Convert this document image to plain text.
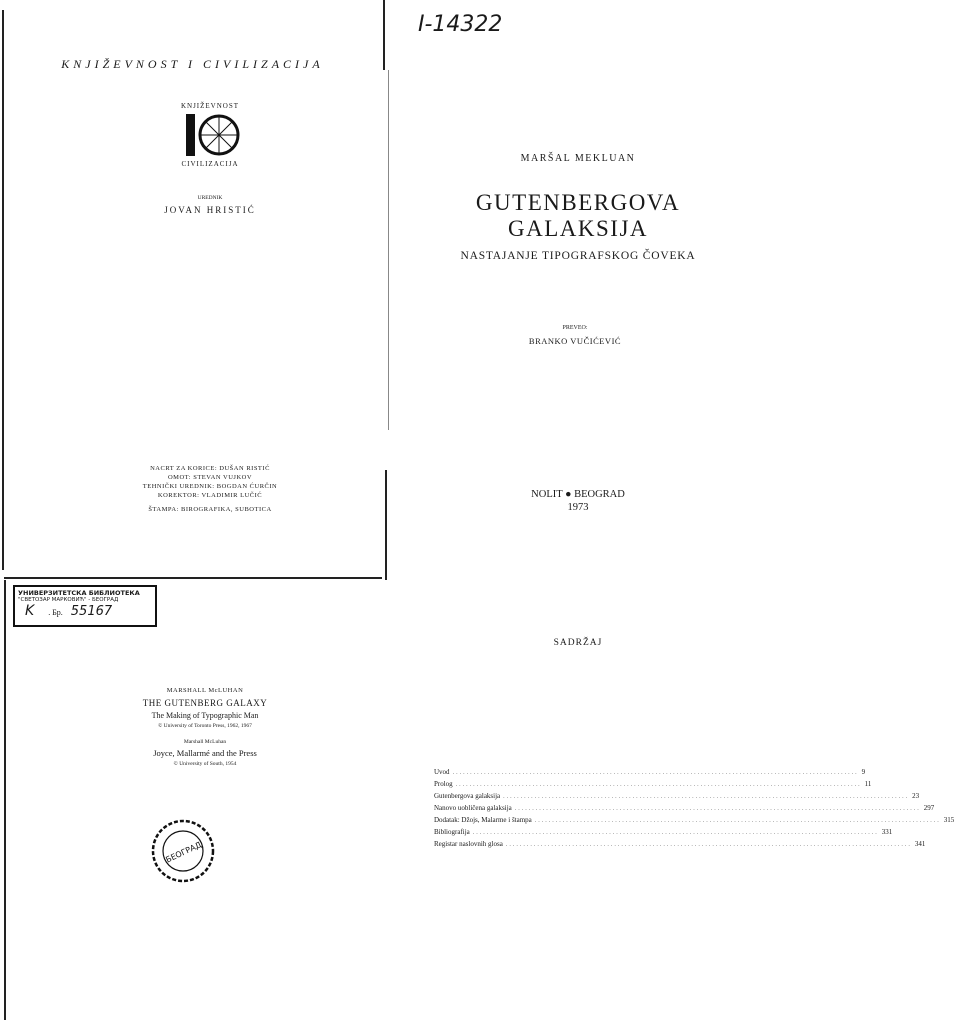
KNJIŽEVNOST I CIVILIZACIJA
KNJIŽEVNOST
CIVILIZACIJA
UREDNIK
JOVAN HRISTIĆ
NACRT ZA KORICE: DUŠAN RISTIĆ
OMOT: STEVAN VUJKOV
TEHNIČKI UREDNIK: BOGDAN ĆURČIN
KOREKTOR: VLADIMIR LUČIĆ
ŠTAMPA: BIROGRAFIKA, SUBOTICA
I-14322
MARŠAL MEKLUAN
GUTENBERGOVA
GALAKSIJA
NASTAJANJE TIPOGRAFSKOG ČOVEKA
PREVEO:
BRANKO VUČIĆEVIĆ
NOLIT ● BEOGRAD
1973
УНИВЕРЗИТЕТСКА БИБЛИОТЕКА
"СВЕТОЗАР МАРКОВИЋ" - БЕОГРАД
K . Бр. 55167
MARSHALL McLUHAN
THE GUTENBERG GALAXY
The Making of Typographic Man
© University of Toronto Press, 1962, 1967
Marshall McLuhan
Joyce, Mallarmé and the Press
© University of South, 1954
БЕОГРАД
SADRŽAJ
Uvod .................................................................................................................... 9
Prolog .................................................................................................................... 11
Gutenbergova galaksija .................................................................................................................... 23
Nanovo uobličena galaksija .................................................................................................................... 297
Dodatak: Džojs, Malarme i štampa .................................................................................................................... 315
Bibliografija .................................................................................................................... 331
Registar naslovnih glosa .................................................................................................................... 341
